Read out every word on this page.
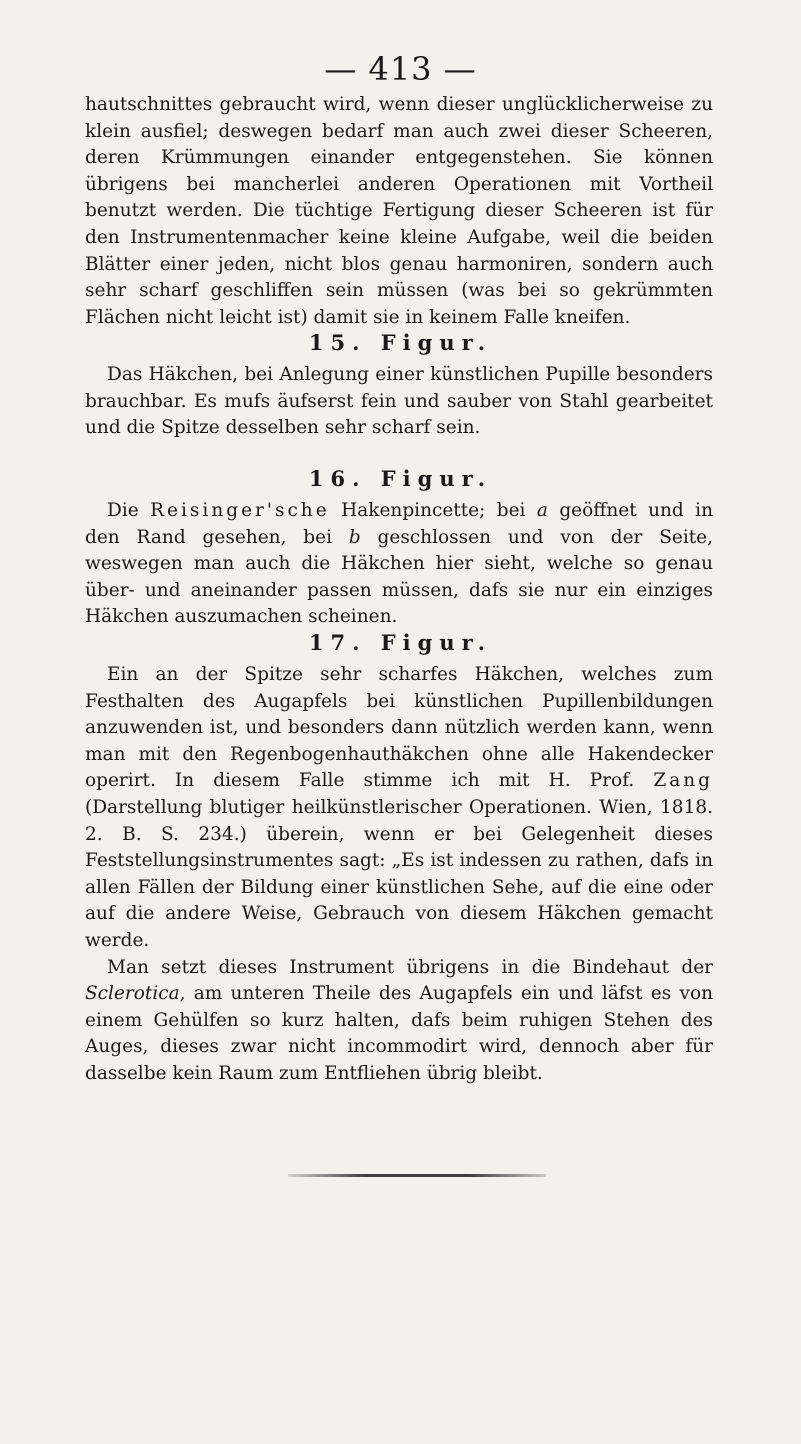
— 413 —

hautschnittes gebraucht wird, wenn dieser unglücklicherweise zu klein ausfiel; deswegen bedarf man auch zwei dieser Scheeren, deren Krümmungen einander entgegenstehen. Sie können übrigens bei mancherlei anderen Operationen mit Vortheil benutzt werden. Die tüchtige Fertigung dieser Scheeren ist für den Instrumentenmacher keine kleine Aufgabe, weil die beiden Blätter einer jeden, nicht blos genau harmoniren, sondern auch sehr scharf geschliffen sein müssen (was bei so gekrümmten Flächen nicht leicht ist) damit sie in keinem Falle kneifen.

15. Figur.

Das Häkchen, bei Anlegung einer künstlichen Pupille besonders brauchbar. Es mufs äufserst fein und sauber von Stahl gearbeitet und die Spitze desselben sehr scharf sein.

16. Figur.

Die Reisinger'sche Hakenpincette; bei a geöffnet und in den Rand gesehen, bei b geschlossen und von der Seite, weswegen man auch die Häkchen hier sieht, welche so genau über- und aneinander passen müssen, dafs sie nur ein einziges Häkchen auszumachen scheinen.

17. Figur.

Ein an der Spitze sehr scharfes Häkchen, welches zum Festhalten des Augapfels bei künstlichen Pupillenbildungen anzuwenden ist, und besonders dann nützlich werden kann, wenn man mit den Regenbogenhauthäkchen ohne alle Hakendecker operirt. In diesem Falle stimme ich mit H. Prof. Zang (Darstellung blutiger heilkünstlerischer Operationen. Wien, 1818. 2. B. S. 234.) überein, wenn er bei Gelegenheit dieses Feststellungsinstrumentes sagt: „Es ist indessen zu rathen, dafs in allen Fällen der Bildung einer künstlichen Sehe, auf die eine oder auf die andere Weise, Gebrauch von diesem Häkchen gemacht werde.

Man setzt dieses Instrument übrigens in die Bindehaut der Sclerotica, am unteren Theile des Augapfels ein und läfst es von einem Gehülfen so kurz halten, dafs beim ruhigen Stehen des Auges, dieses zwar nicht incommodirt wird, dennoch aber für dasselbe kein Raum zum Entfliehen übrig bleibt.
